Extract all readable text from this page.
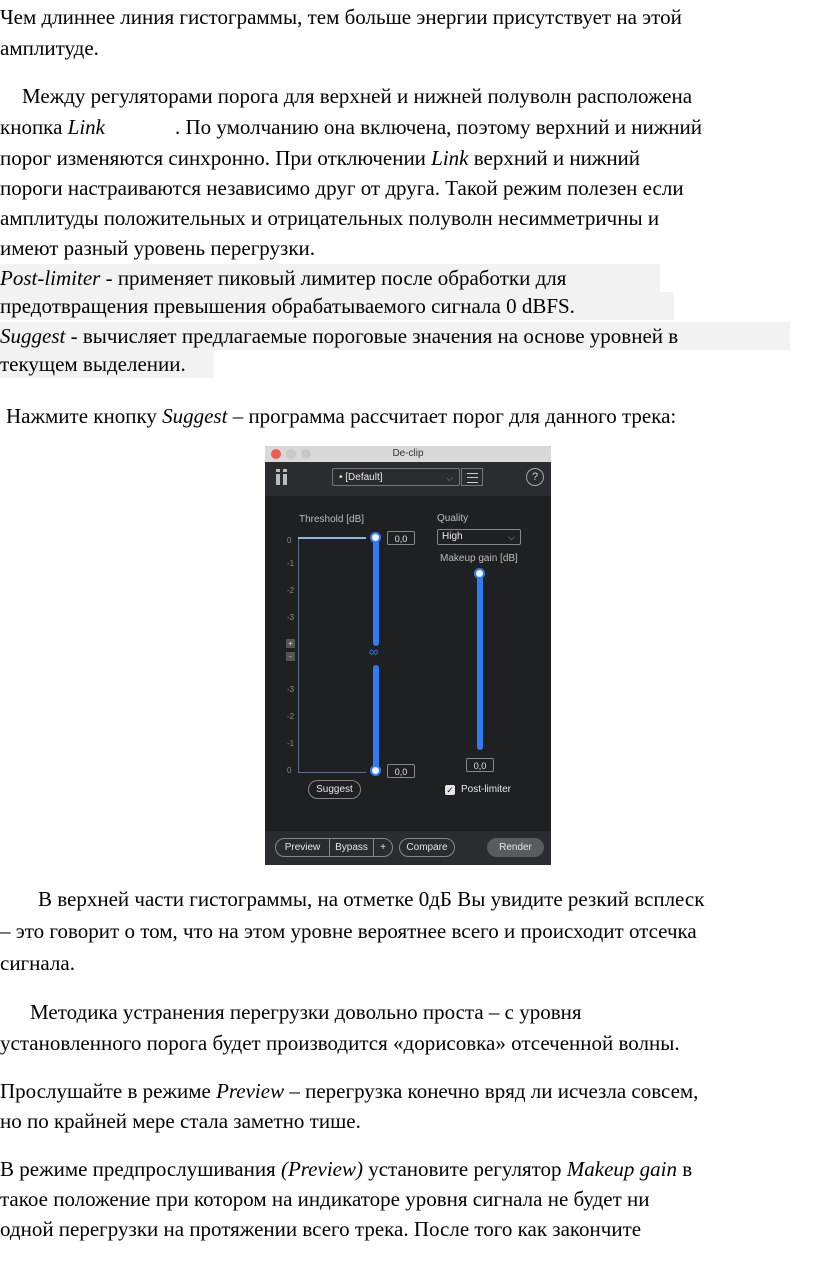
Чем длиннее линия гистограммы, тем больше энергии присутствует на этой
амплитуде.
Между регуляторами порога для верхней и нижней полуволн расположена
кнопка Link	. По умолчанию она включена, поэтому верхний и нижний
порог изменяются синхронно. При отключении Link верхний и нижний
пороги настраиваются независимо друг от друга. Такой режим полезен если
амплитуды положительных и отрицательных полуволн несимметричны и
имеют разный уровень перегрузки.
Post-limiter - применяет пиковый лимитер после обработки для
предотвращения превышения обрабатываемого сигнала 0 dBFS.
Suggest - вычисляет предлагаемые пороговые значения на основе уровней в
текущем выделении.
Нажмите кнопку Suggest – программа рассчитает порог для данного трека:
De-clip
• [Default]	⌵	?
Threshold [dB]
0
-1
-2
-3
+
-
-3
-2
-1
0
0,0
∞
0,0
Suggest
Quality
High	⌵
Makeup gain [dB]
0,0
✓ Post-limiter
Preview	Bypass	+	Compare	Render
В верхней части гистограммы, на отметке 0дБ Вы увидите резкий всплеск
– это говорит о том, что на этом уровне вероятнее всего и происходит отсечка
сигнала.
Методика устранения перегрузки довольно проста – с уровня
установленного порога будет производится «дорисовка» отсеченной волны.
Прослушайте в режиме Preview – перегрузка конечно вряд ли исчезла совсем,
но по крайней мере стала заметно тише.
В режиме предпрослушивания (Preview) установите регулятор Makeup gain в
такое положение при котором на индикаторе уровня сигнала не будет ни
одной перегрузки на протяжении всего трека. После того как закончите
